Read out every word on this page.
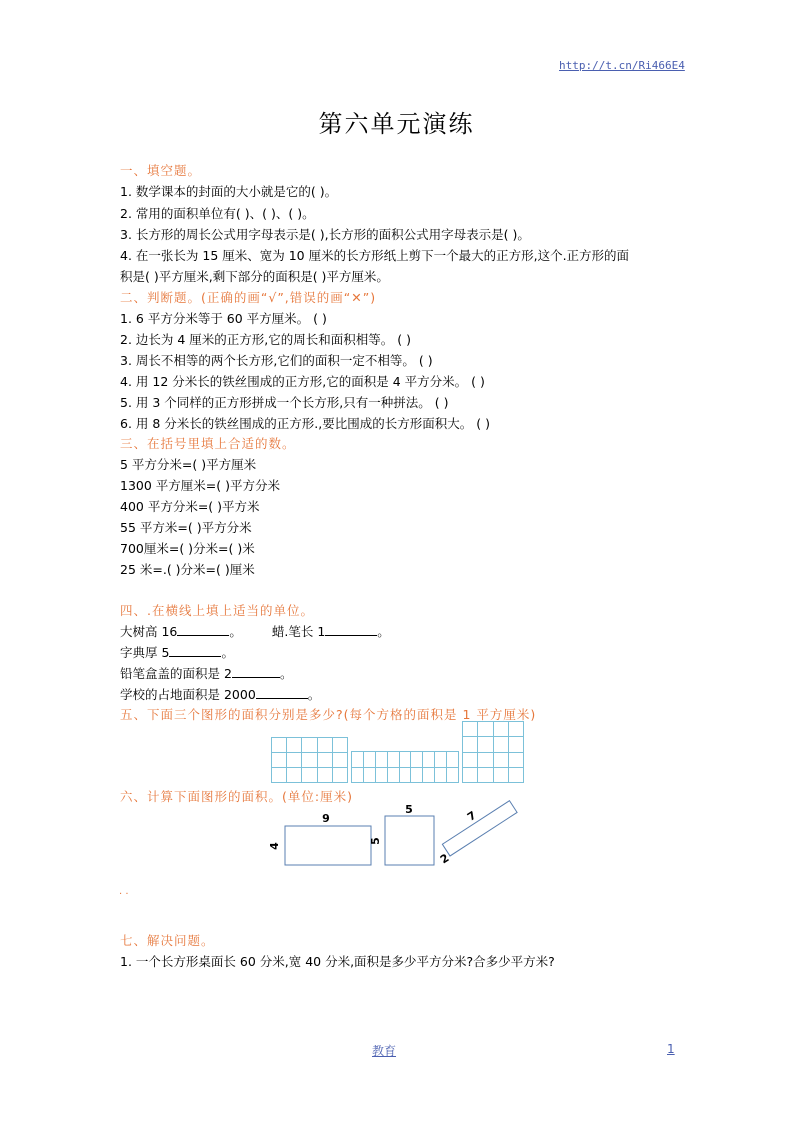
http://t.cn/Ri466E4
第六单元演练
一、填空题。
1. 数学课本的封面的大小就是它的( )。
2. 常用的面积单位有( )、( )、( )。
3. 长方形的周长公式用字母表示是( ),长方形的面积公式用字母表示是( )。
4. 在一张长为 15 厘米、宽为 10 厘米的长方形纸上剪下一个最大的正方形,这个.正方形的面
积是( )平方厘米,剩下部分的面积是( )平方厘米。
二、判断题。(正确的画“√”,错误的画“✕”)
1. 6 平方分米等于 60 平方厘米。 ( )
2. 边长为 4 厘米的正方形,它的周长和面积相等。 ( )
3. 周长不相等的两个长方形,它们的面积一定不相等。 ( )
4. 用 12 分米长的铁丝围成的正方形,它的面积是 4 平方分米。 ( )
5. 用 3 个同样的正方形拼成一个长方形,只有一种拼法。 ( )
6. 用 8 分米长的铁丝围成的正方形.,要比围成的长方形面积大。 ( )
三、在括号里填上合适的数。
5 平方分米=( )平方厘米
1300 平方厘米=( )平方分米
400 平方分米=( )平方米
55 平方米=( )平方分米
700厘米=( )分米=( )米
25 米=.( )分米=( )厘米
四、.在横线上填上适当的单位。
大树高 16	。 蜡.笔长 1	。
字典厚 5	。
铅笔盒盖的面积是 2	。
学校的占地面积是 2000	。
五、下面三个图形的面积分别是多少?(每个方格的面积是 1 平方厘米)
六、计算下面图形的面积。(单位:厘米)
9
4
5
5
7
2
. .
七、解决问题。
1. 一个长方形桌面长 60 分米,宽 40 分米,面积是多少平方分米?合多少平方米?
教育	1
